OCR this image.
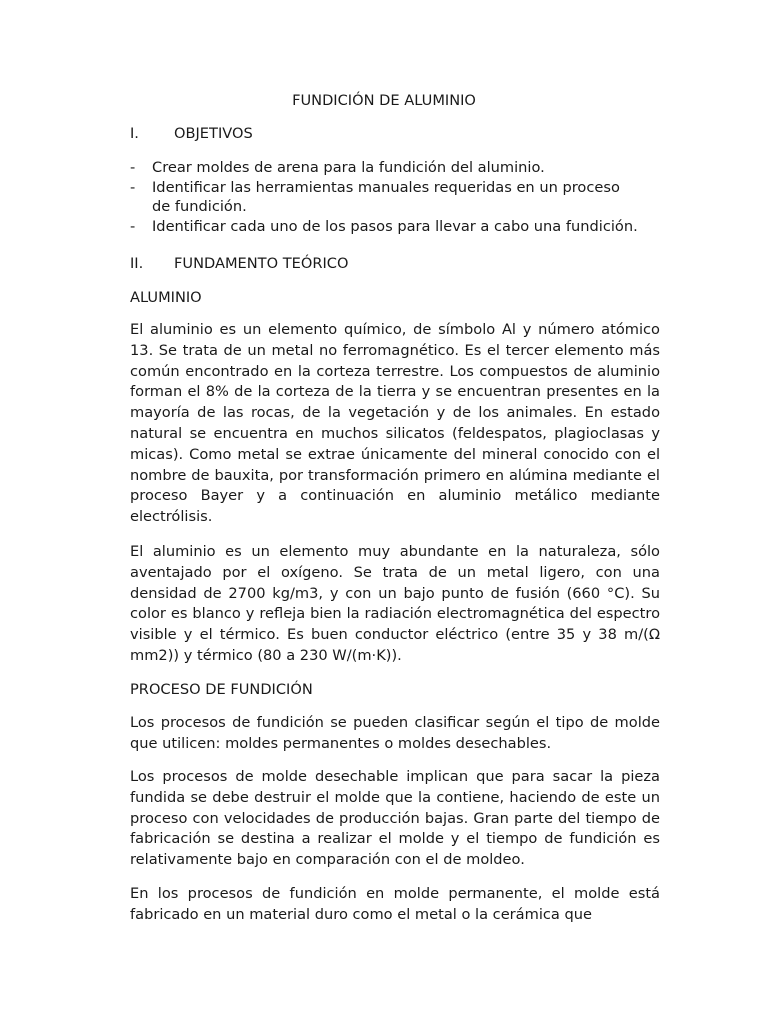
FUNDICIÓN DE ALUMINIO
I. OBJETIVOS
- Crear moldes de arena para la fundición del aluminio.
- Identificar las herramientas manuales requeridas en un proceso de fundición.
- Identificar cada uno de los pasos para llevar a cabo una fundición.
II. FUNDAMENTO TEÓRICO
ALUMINIO

El aluminio es un elemento químico, de símbolo Al y número atómico 13. Se trata de un metal no ferromagnético. Es el tercer elemento más común encontrado en la corteza terrestre. Los compuestos de aluminio forman el 8% de la corteza de la tierra y se encuentran presentes en la mayoría de las rocas, de la vegetación y de los animales. En estado natural se encuentra en muchos silicatos (feldespatos, plagioclasas y micas). Como metal se extrae únicamente del mineral conocido con el nombre de bauxita, por transformación primero en alúmina mediante el proceso Bayer y a continuación en aluminio metálico mediante electrólisis.

El aluminio es un elemento muy abundante en la naturaleza, sólo aventajado por el oxígeno. Se trata de un metal ligero, con una densidad de 2700 kg/m3, y con un bajo punto de fusión (660 °C). Su color es blanco y refleja bien la radiación electromagnética del espectro visible y el térmico. Es buen conductor eléctrico (entre 35 y 38 m/(Ω mm2)) y térmico (80 a 230 W/(m·K)).

PROCESO DE FUNDICIÓN

Los procesos de fundición se pueden clasificar según el tipo de molde que utilicen: moldes permanentes o moldes desechables.

Los procesos de molde desechable implican que para sacar la pieza fundida se debe destruir el molde que la contiene, haciendo de este un proceso con velocidades de producción bajas. Gran parte del tiempo de fabricación se destina a realizar el molde y el tiempo de fundición es relativamente bajo en comparación con el de moldeo.

En los procesos de fundición en molde permanente, el molde está fabricado en un material duro como el metal o la cerámica que
